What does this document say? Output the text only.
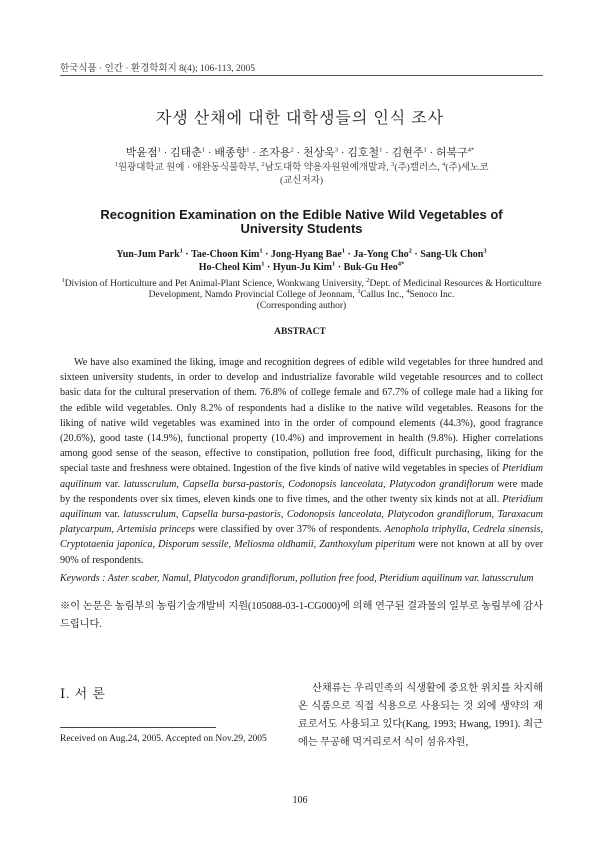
한국식품 · 인간 · 환경학회지 8(4); 106-113, 2005
자생 산채에 대한 대학생들의 인식 조사
박윤점$^1$ · 김태춘$^1$ · 배종향$^1$ · 조자용$^2$ · 천상욱$^3$ · 김호철$^1$ · 김현주$^1$ · 허북구$^{4*}$
$^1$원광대학교 원예 · 애완동식물학부, $^2$남도대학 약용자원원예개발과, $^3$(주)캘러스, $^4$(주)세노코
(교신저자)
Recognition Examination on the Edible Native Wild Vegetables of
University Students
Yun-Jum Park$^1$ · Tae-Choon Kim$^1$ · Jong-Hyang Bae$^1$ · Ja-Yong Cho$^2$ · Sang-Uk Chon$^3$
Ho-Cheol Kim$^1$ · Hyun-Ju Kim$^1$ · Buk-Gu Heo$^{4*}$
$^1$Division of Horticulture and Pet Animal-Plant Science, Wonkwang University, $^2$Dept. of Medicinal Resources & Horticulture
Development, Namdo Provincial College of Jeonnam, $^3$Callus Inc., $^4$Senoco Inc.
(Corresponding author)
ABSTRACT
We have also examined the liking, image and recognition degrees of edible wild vegetables for three hundred and sixteen university students, in order to develop and industrialize favorable wild vegetable resources and to collect basic data for the cultural preservation of them. 76.8% of college female and 67.7% of college male had a liking for the edible wild vegetables. Only 8.2% of respondents had a dislike to the native wild vegetables. Reasons for the liking of native wild vegetables was examined into in the order of compound elements (44.3%), good fragrance (20.6%), good taste (14.9%), functional property (10.4%) and improvement in health (9.8%). Higher correlations among good sense of the season, effective to constipation, pollution free food, difficult purchasing, liking for the special taste and freshness were obtained. Ingestion of the five kinds of native wild vegetables in species of Pteridium aquilinum var. latusscrulum, Capsella bursa-pastoris, Codonopsis lanceolata, Platycodon grandiflorum were made by the respondents over six times, eleven kinds one to five times, and the other twenty six kinds not at all. Pteridium aquilinum var. latusscrulum, Capsella bursa-pastoris, Codonopsis lanceolata, Platycodon grandiflorum, Taraxacum platycarpum, Artemisia princeps were classified by over 37% of respondents. Aenophola triphylla, Cedrela sinensis, Cryptotaenia japonica, Disporum sessile, Meliosma oldhamii, Zanthoxylum piperitum were not known at all by over 90% of respondents.
Keywords : Aster scaber, Namul, Platycodon grandiflorum, pollution free food, Pteridium aquilinum var. latusscrulum
※이 논문은 농림부의 농림기술개발비 지원(105088-03-1-CG000)에 의해 연구된 결과물의 일부로 농림부에 감사드립니다.
Ⅰ. 서 론
Received on Aug.24, 2005. Accepted on Nov.29, 2005
산채류는 우리민족의 식생활에 중요한 위치를 차지해 온 식품으로 직접 식용으로 사용되는 것 외에 생약의 재료로서도 사용되고 있다(Kang, 1993; Hwang, 1991). 최근에는 무공해 먹거리로서 식이 섬유자원,
106
